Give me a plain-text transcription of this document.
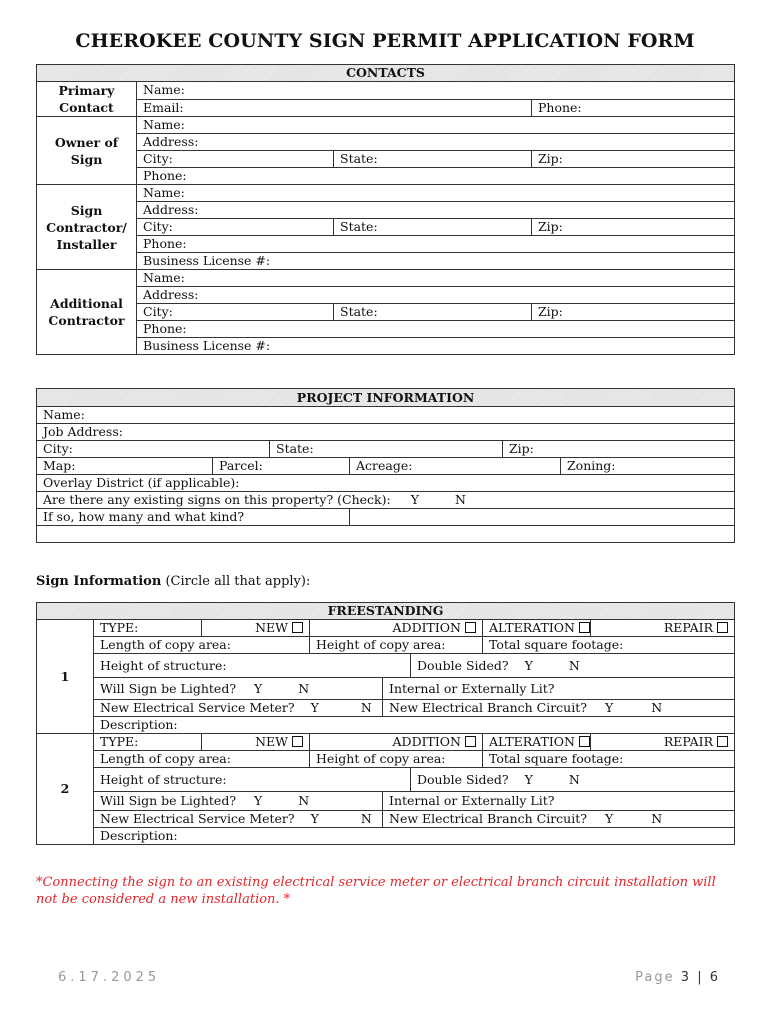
CHEROKEE COUNTY SIGN PERMIT APPLICATION FORM
CONTACTS			
Primary Contact	Name:		
	Email:		Phone:
Owner of Sign	Name:		
	Address:		
	City:	State:	Zip:
	Phone:		
Sign Contractor/ Installer	Name:		
	Address:		
	City:	State:	Zip:
	Phone:		
	Business License #:		
Additional Contractor	Name:		
	Address:		
	City:	State:	Zip:
	Phone:		
	Business License #:		
PROJECT INFORMATION					
Name:					
Job Address:					
City:		State:		Zip:	
Map:	Parcel:		Acreage:		Zoning:
Overlay District (if applicable):					
Are there any existing signs on this property? (Check): Y N					
If so, how many and what kind?					

Sign Information (Circle all that apply):
FREESTANDING							
1	TYPE:	NEW	ADDITION			ALTERATION	REPAIR
	Length of copy area:		Height of copy area:			Total square footage:	
	Height of structure:				Double Sided? Y N		
	Will Sign be Lighted? Y N			Internal or Externally Lit?			
	New Electrical Service Meter? Y N			New Electrical Branch Circuit? Y N			
	Description:						
2	TYPE:	NEW	ADDITION			ALTERATION	REPAIR
	Length of copy area:		Height of copy area:			Total square footage:	
	Height of structure:				Double Sided? Y N		
	Will Sign be Lighted? Y N			Internal or Externally Lit?			
	New Electrical Service Meter? Y N			New Electrical Branch Circuit? Y N			
	Description:						
*Connecting the sign to an existing electrical service meter or electrical branch circuit installation will not be considered a new installation. *
6.17.2025	Page 3 | 6
